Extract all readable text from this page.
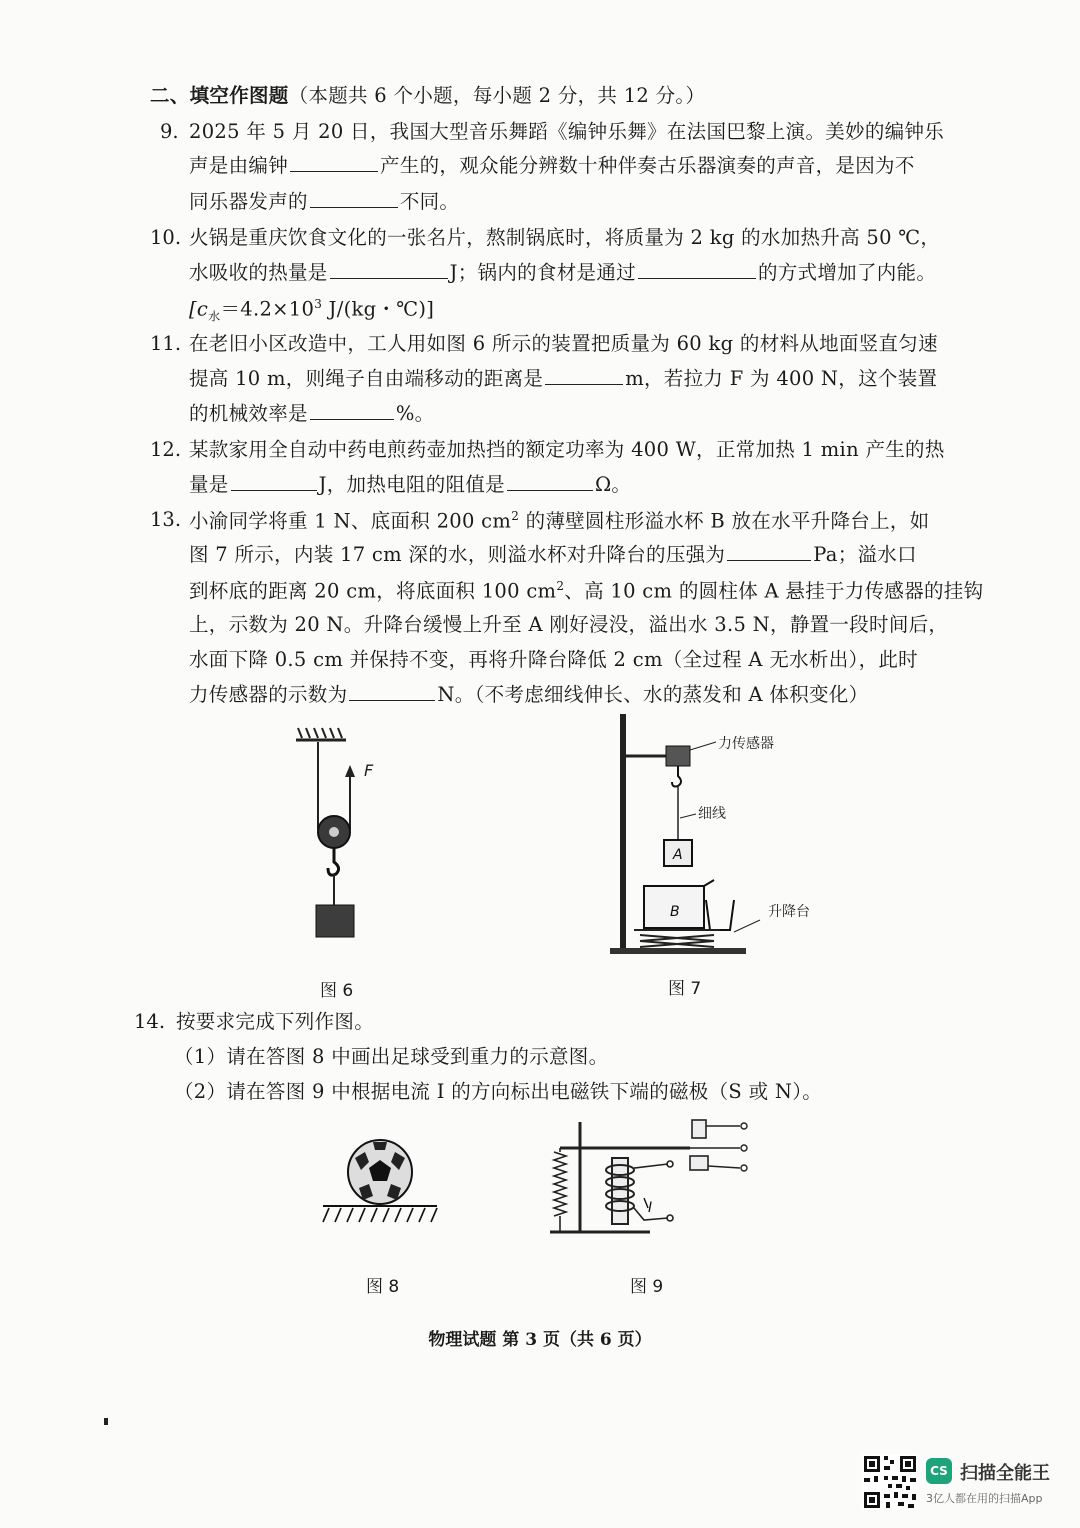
二、填空作图题（本题共 6 个小题，每小题 2 分，共 12 分。）
9. 2025 年 5 月 20 日，我国大型音乐舞蹈《编钟乐舞》在法国巴黎上演。美妙的编钟乐
声是由编钟	产生的，观众能分辨数十种伴奏古乐器演奏的声音，是因为不
同乐器发声的	不同。
10. 火锅是重庆饮食文化的一张名片，熬制锅底时，将质量为 2 kg 的水加热升高 50 ℃，
水吸收的热量是	J；锅内的食材是通过	的方式增加了内能。
[$c_水=4.2\times 10^3$ J/(kg・℃)]
11. 在老旧小区改造中，工人用如图 6 所示的装置把质量为 60 kg 的材料从地面竖直匀速
提高 10 m，则绳子自由端移动的距离是	m，若拉力 F 为 400 N，这个装置
的机械效率是	%。
12. 某款家用全自动中药电煎药壶加热挡的额定功率为 400 W，正常加热 1 min 产生的热
量是	J，加热电阻的阻值是	Ω。
13. 小渝同学将重 1 N、底面积 200 $cm^2$ 的薄壁圆柱形溢水杯 B 放在水平升降台上，如
图 7 所示，内装 17 cm 深的水，则溢水杯对升降台的压强为	Pa；溢水口
到杯底的距离 20 cm，将底面积 100 $cm^2$、高 10 cm 的圆柱体 A 悬挂于力传感器的挂钩
上，示数为 20 N。升降台缓慢上升至 A 刚好浸没，溢出水 3.5 N，静置一段时间后，
水面下降 0.5 cm 并保持不变，再将升降台降低 2 cm（全过程 A 无水析出），此时
力传感器的示数为	N。（不考虑细线伸长、水的蒸发和 A 体积变化）
F
图 6
力传感器
细线
A
B	升降台
图 7
14. 按要求完成下列作图。
（1）请在答图 8 中画出足球受到重力的示意图。
（2）请在答图 9 中根据电流 I 的方向标出电磁铁下端的磁极（S 或 N）。
图 8
I
图 9
物理试题 第 3 页（共 6 页）
CS 扫描全能王
3亿人都在用的扫描App
